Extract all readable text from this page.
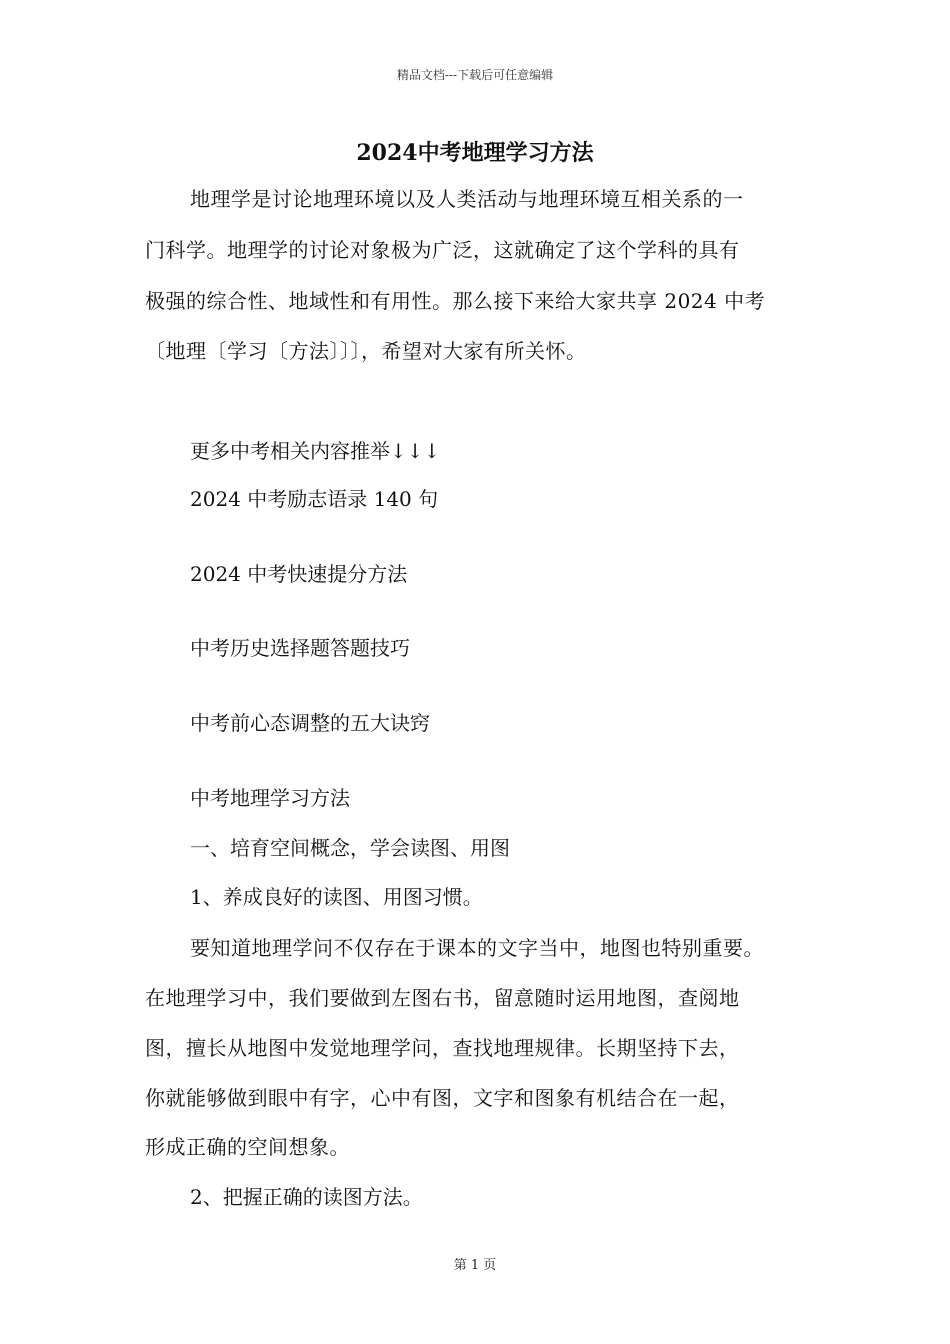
精品文档---下载后可任意编辑
2024中考地理学习方法
地理学是讨论地理环境以及人类活动与地理环境互相关系的一
门科学。地理学的讨论对象极为广泛，这就确定了这个学科的具有
极强的综合性、地域性和有用性。那么接下来给大家共享 2024 中考
〔地理〔学习〔方法〕〕〕，希望对大家有所关怀。
更多中考相关内容推举↓↓↓
2024 中考励志语录 140 句
2024 中考快速提分方法
中考历史选择题答题技巧
中考前心态调整的五大诀窍
中考地理学习方法
一、培育空间概念，学会读图、用图
1、养成良好的读图、用图习惯。
要知道地理学问不仅存在于课本的文字当中，地图也特别重要。
在地理学习中，我们要做到左图右书，留意随时运用地图，查阅地
图，擅长从地图中发觉地理学问，查找地理规律。长期坚持下去，
你就能够做到眼中有字，心中有图，文字和图象有机结合在一起，
形成正确的空间想象。
2、把握正确的读图方法。
第 1 页
